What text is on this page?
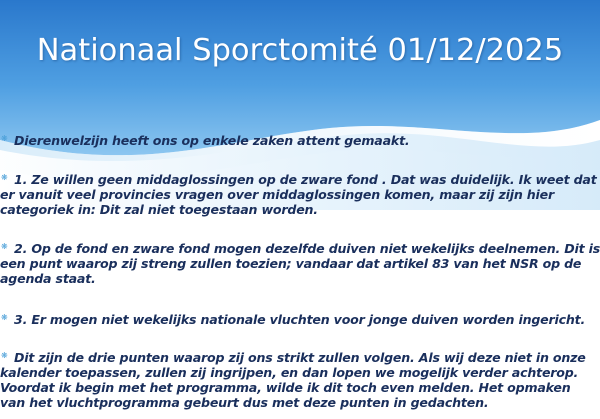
Nationaal Sporctomité 01/12/2025
❋ Dierenwelzijn heeft ons op enkele zaken attent gemaakt.
❋ 1. Ze willen geen middaglossingen op de zware fond . Dat was duidelijk. Ik weet dat
er vanuit veel provincies vragen over middaglossingen komen, maar zij zijn hier
categoriek in: Dit zal niet toegestaan worden.
❋ 2. Op de fond en zware fond mogen dezelfde duiven niet wekelijks deelnemen. Dit is
een punt waarop zij streng zullen toezien; vandaar dat artikel 83 van het NSR op de
agenda staat.
❋ 3. Er mogen niet wekelijks nationale vluchten voor jonge duiven worden ingericht.
❋ Dit zijn de drie punten waarop zij ons strikt zullen volgen. Als wij deze niet in onze
kalender toepassen, zullen zij ingrijpen, en dan lopen we mogelijk verder achterop.
Voordat ik begin met het programma, wilde ik dit toch even melden. Het opmaken
van het vluchtprogramma gebeurt dus met deze punten in gedachten.
